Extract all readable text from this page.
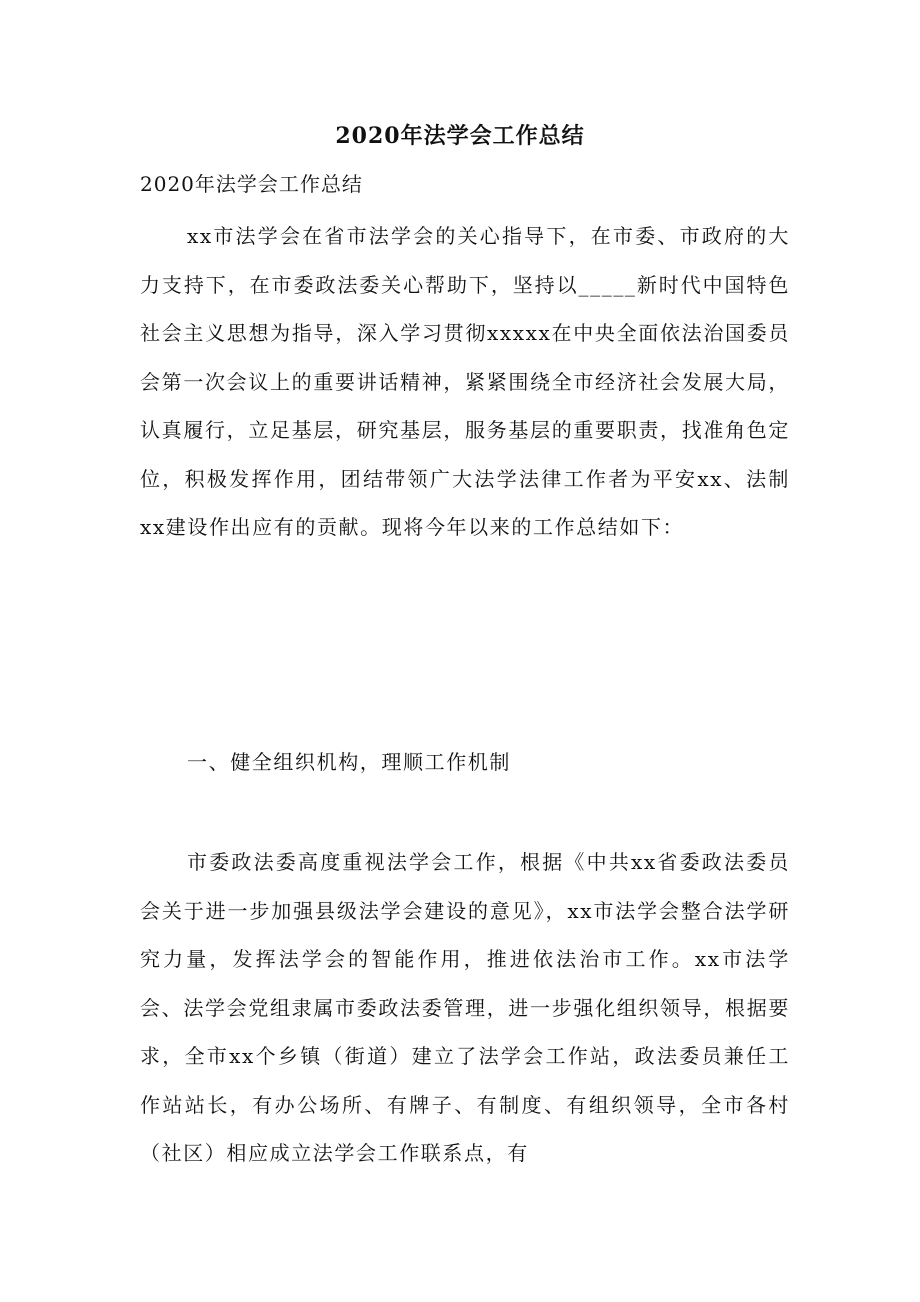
2020年法学会工作总结
2020年法学会工作总结

xx市法学会在省市法学会的关心指导下，在市委、市政府的大力支持下，在市委政法委关心帮助下，坚持以_____新时代中国特色社会主义思想为指导，深入学习贯彻xxxxx在中央全面依法治国委员会第一次会议上的重要讲话精神，紧紧围绕全市经济社会发展大局，认真履行，立足基层，研究基层，服务基层的重要职责，找准角色定位，积极发挥作用，团结带领广大法学法律工作者为平安xx、法制xx建设作出应有的贡献。现将今年以来的工作总结如下：

一、健全组织机构，理顺工作机制

市委政法委高度重视法学会工作，根据《中共xx省委政法委员会关于进一步加强县级法学会建设的意见》，xx市法学会整合法学研究力量，发挥法学会的智能作用，推进依法治市工作。xx市法学会、法学会党组隶属市委政法委管理，进一步强化组织领导，根据要求，全市xx个乡镇（街道）建立了法学会工作站，政法委员兼任工作站站长，有办公场所、有牌子、有制度、有组织领导，全市各村（社区）相应成立法学会工作联系点，有
